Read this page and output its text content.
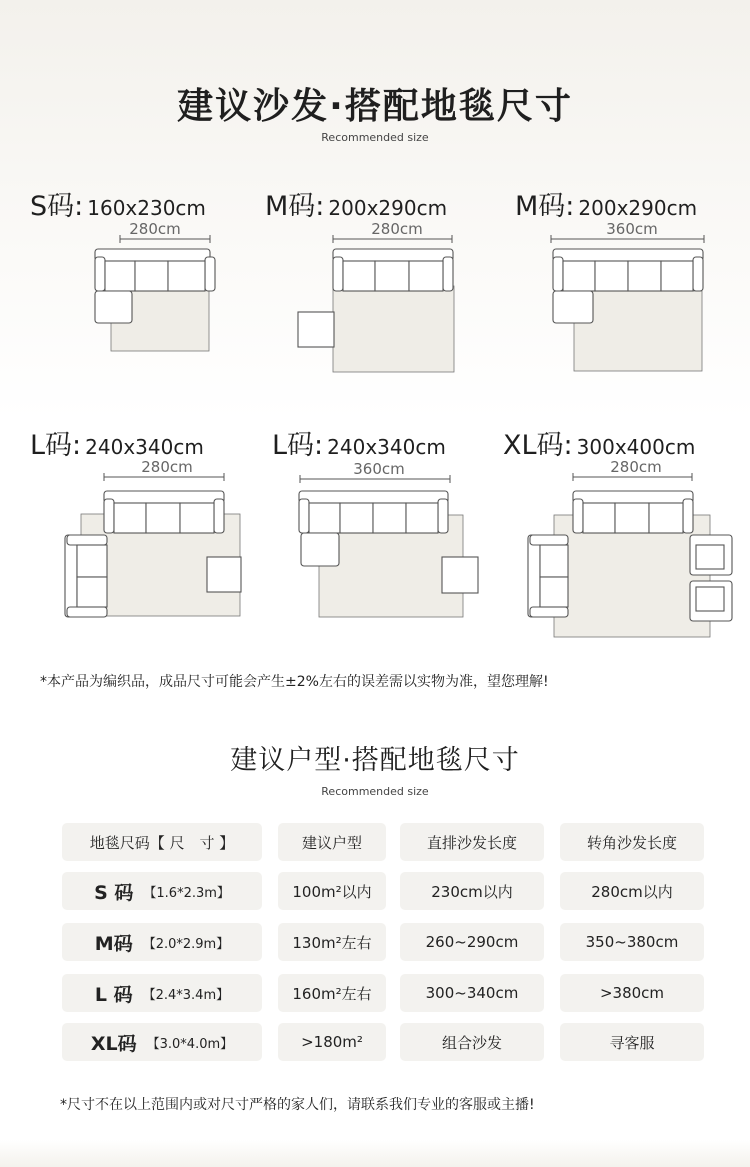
建议沙发·搭配地毯尺寸
Recommended size
S码: 160x230cm
280cm
M码: 200x290cm
280cm
M码: 200x290cm
360cm
L码: 240x340cm
280cm
L码: 240x340cm
360cm
XL码: 300x400cm
280cm
*本产品为编织品，成品尺寸可能会产生±2%左右的误差需以实物为准，望您理解!
建议户型·搭配地毯尺寸
Recommended size
地毯尺码【 尺　寸 】	建议户型	直排沙发长度	转角沙发长度
S 码 【1.6*2.3m】	100m²以内	230cm以内	280cm以内
M码 【2.0*2.9m】	130m²左右	260~290cm	350~380cm
L 码 【2.4*3.4m】	160m²左右	300~340cm	>380cm
XL码 【3.0*4.0m】	>180m²	组合沙发	寻客服
*尺寸不在以上范围内或对尺寸严格的家人们，请联系我们专业的客服或主播!
